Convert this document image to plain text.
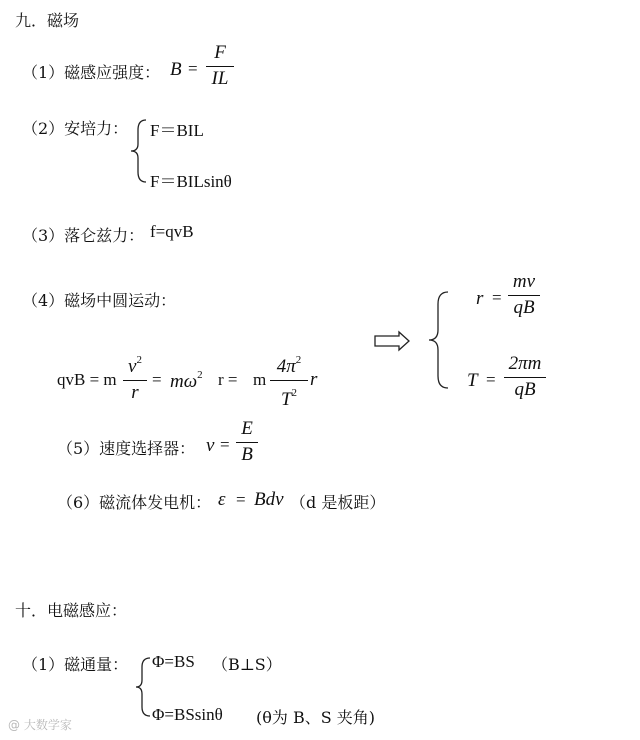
九．磁场
（1）磁感应强度： B =
F
IL
（2）安培力： F＝BIL
F＝BILsinθ
（3）落仑兹力： f=qvB
（4）磁场中圆运动：
qvB = m
$v^2$
r
= $m\omega^2$ r = m
$4\pi^2$
$T^2$
r
r =
mv
qB
T =
2πm
qB
（5）速度选择器： v =
E
B
（6）磁流体发电机： ε = Bdv （d 是板距）
十．电磁感应：
（1）磁通量： Φ=BS （B⊥S）
Φ=BSsinθ (θ为 B、S 夹角)
@ 大数学家
